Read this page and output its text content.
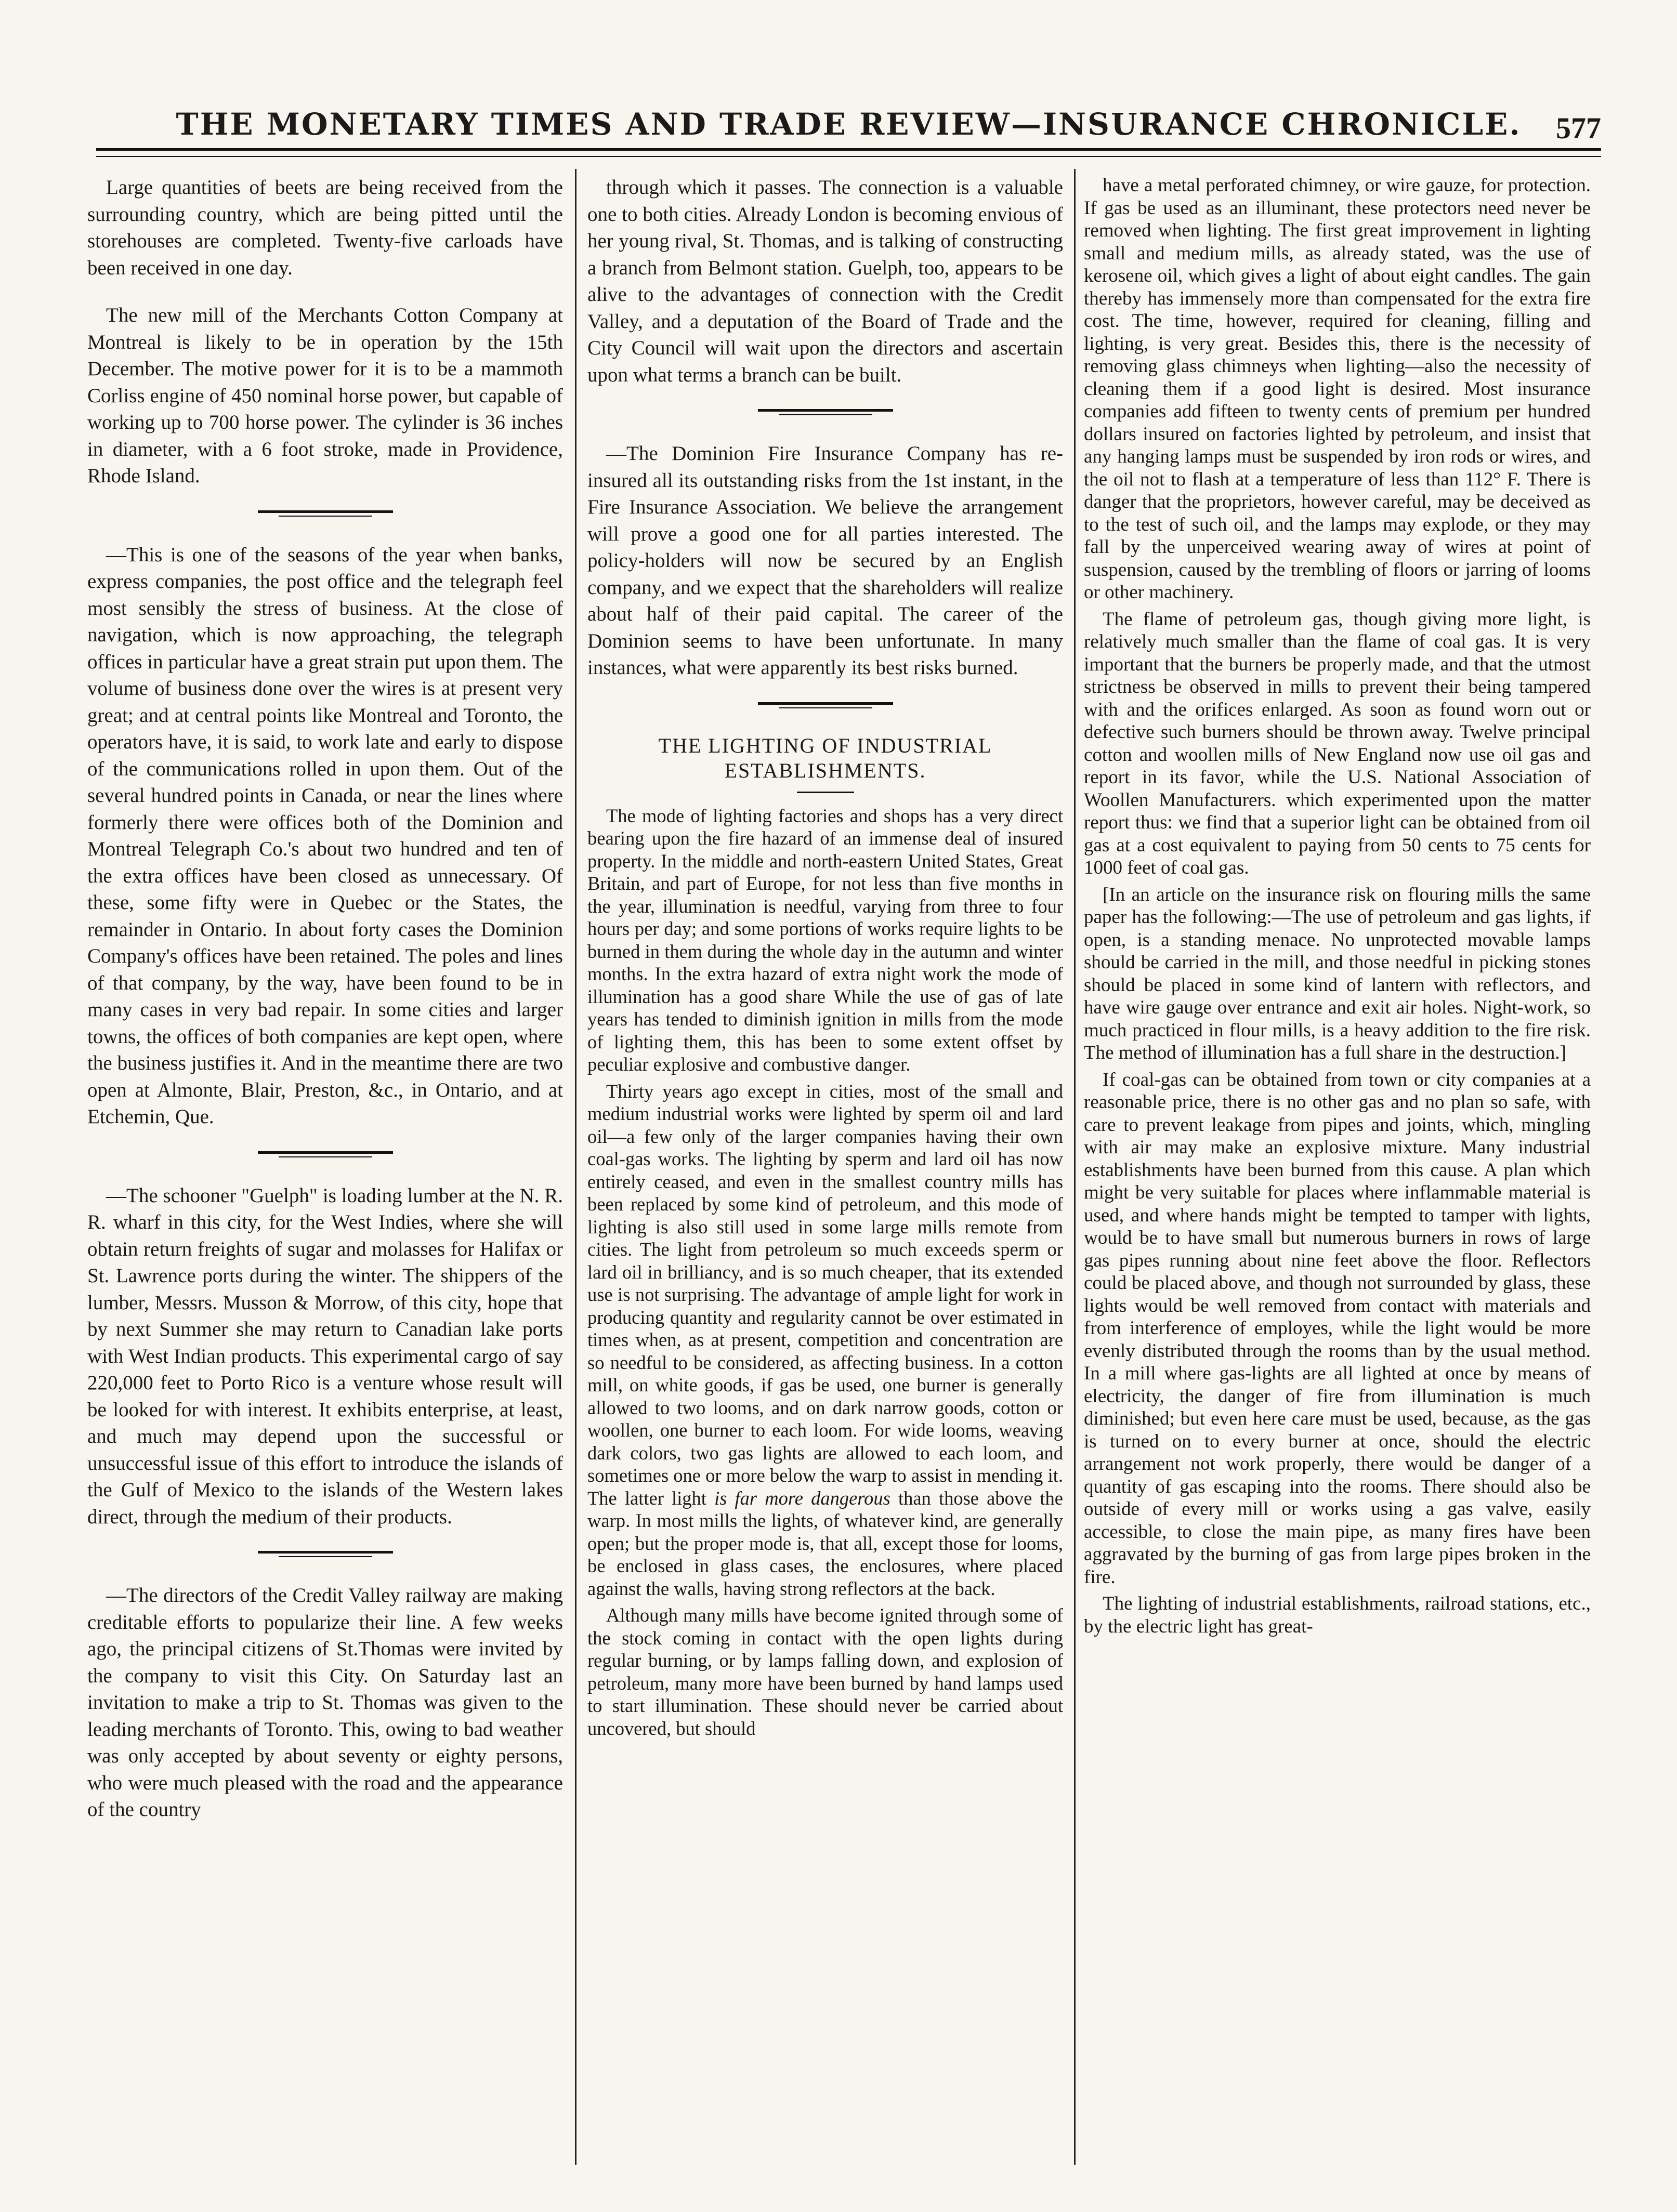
THE MONETARY TIMES AND TRADE REVIEW—INSURANCE CHRONICLE.	577

Large quantities of beets are being received from the surrounding country, which are being pitted until the storehouses are completed. Twenty-five carloads have been received in one day.

The new mill of the Merchants Cotton Company at Montreal is likely to be in operation by the 15th December. The motive power for it is to be a mammoth Corliss engine of 450 nominal horse power, but capable of working up to 700 horse power. The cylinder is 36 inches in diameter, with a 6 foot stroke, made in Providence, Rhode Island.

—This is one of the seasons of the year when banks, express companies, the post office and the telegraph feel most sensibly the stress of business. At the close of navigation, which is now approaching, the telegraph offices in particular have a great strain put upon them. The volume of business done over the wires is at present very great; and at central points like Montreal and Toronto, the operators have, it is said, to work late and early to dispose of the communications rolled in upon them. Out of the several hundred points in Canada, or near the lines where formerly there were offices both of the Dominion and Montreal Telegraph Co.'s about two hundred and ten of the extra offices have been closed as unnecessary. Of these, some fifty were in Quebec or the States, the remainder in Ontario. In about forty cases the Dominion Company's offices have been retained. The poles and lines of that company, by the way, have been found to be in many cases in very bad repair. In some cities and larger towns, the offices of both companies are kept open, where the business justifies it. And in the meantime there are two open at Almonte, Blair, Preston, &c., in Ontario, and at Etchemin, Que.

—The schooner "Guelph" is loading lumber at the N. R. R. wharf in this city, for the West Indies, where she will obtain return freights of sugar and molasses for Halifax or St. Lawrence ports during the winter. The shippers of the lumber, Messrs. Musson & Morrow, of this city, hope that by next Summer she may return to Canadian lake ports with West Indian products. This experimental cargo of say 220,000 feet to Porto Rico is a venture whose result will be looked for with interest. It exhibits enterprise, at least, and much may depend upon the successful or unsuccessful issue of this effort to introduce the islands of the Gulf of Mexico to the islands of the Western lakes direct, through the medium of their products.

—The directors of the Credit Valley railway are making creditable efforts to popularize their line. A few weeks ago, the principal citizens of St.Thomas were invited by the company to visit this City. On Saturday last an invitation to make a trip to St. Thomas was given to the leading merchants of Toronto. This, owing to bad weather was only accepted by about seventy or eighty persons, who were much pleased with the road and the appearance of the country

through which it passes. The connection is a valuable one to both cities. Already London is becoming envious of her young rival, St. Thomas, and is talking of constructing a branch from Belmont station. Guelph, too, appears to be alive to the advantages of connection with the Credit Valley, and a deputation of the Board of Trade and the City Council will wait upon the directors and ascertain upon what terms a branch can be built.

—The Dominion Fire Insurance Company has re-insured all its outstanding risks from the 1st instant, in the Fire Insurance Association. We believe the arrangement will prove a good one for all parties interested. The policy-holders will now be secured by an English company, and we expect that the shareholders will realize about half of their paid capital. The career of the Dominion seems to have been unfortunate. In many instances, what were apparently its best risks burned.

THE LIGHTING OF INDUSTRIAL
ESTABLISHMENTS.

The mode of lighting factories and shops has a very direct bearing upon the fire hazard of an immense deal of insured property. In the middle and north-eastern United States, Great Britain, and part of Europe, for not less than five months in the year, illumination is needful, varying from three to four hours per day; and some portions of works require lights to be burned in them during the whole day in the autumn and winter months. In the extra hazard of extra night work the mode of illumination has a good share While the use of gas of late years has tended to diminish ignition in mills from the mode of lighting them, this has been to some extent offset by peculiar explosive and combustive danger.

Thirty years ago except in cities, most of the small and medium industrial works were lighted by sperm oil and lard oil—a few only of the larger companies having their own coal-gas works. The lighting by sperm and lard oil has now entirely ceased, and even in the smallest country mills has been replaced by some kind of petroleum, and this mode of lighting is also still used in some large mills remote from cities. The light from petroleum so much exceeds sperm or lard oil in brilliancy, and is so much cheaper, that its extended use is not surprising. The advantage of ample light for work in producing quantity and regularity cannot be over estimated in times when, as at present, competition and concentration are so needful to be considered, as affecting business. In a cotton mill, on white goods, if gas be used, one burner is generally allowed to two looms, and on dark narrow goods, cotton or woollen, one burner to each loom. For wide looms, weaving dark colors, two gas lights are allowed to each loom, and sometimes one or more below the warp to assist in mending it. The latter light is far more dangerous than those above the warp. In most mills the lights, of whatever kind, are generally open; but the proper mode is, that all, except those for looms, be enclosed in glass cases, the enclosures, where placed against the walls, having strong reflectors at the back.

Although many mills have become ignited through some of the stock coming in contact with the open lights during regular burning, or by lamps falling down, and explosion of petroleum, many more have been burned by hand lamps used to start illumination. These should never be carried about uncovered, but should

have a metal perforated chimney, or wire gauze, for protection. If gas be used as an illuminant, these protectors need never be removed when lighting. The first great improvement in lighting small and medium mills, as already stated, was the use of kerosene oil, which gives a light of about eight candles. The gain thereby has immensely more than compensated for the extra fire cost. The time, however, required for cleaning, filling and lighting, is very great. Besides this, there is the necessity of removing glass chimneys when lighting—also the necessity of cleaning them if a good light is desired. Most insurance companies add fifteen to twenty cents of premium per hundred dollars insured on factories lighted by petroleum, and insist that any hanging lamps must be suspended by iron rods or wires, and the oil not to flash at a temperature of less than 112° F. There is danger that the proprietors, however careful, may be deceived as to the test of such oil, and the lamps may explode, or they may fall by the unperceived wearing away of wires at point of suspension, caused by the trembling of floors or jarring of looms or other machinery.

The flame of petroleum gas, though giving more light, is relatively much smaller than the flame of coal gas. It is very important that the burners be properly made, and that the utmost strictness be observed in mills to prevent their being tampered with and the orifices enlarged. As soon as found worn out or defective such burners should be thrown away. Twelve principal cotton and woollen mills of New England now use oil gas and report in its favor, while the U.S. National Association of Woollen Manufacturers. which experimented upon the matter report thus: we find that a superior light can be obtained from oil gas at a cost equivalent to paying from 50 cents to 75 cents for 1000 feet of coal gas.

[In an article on the insurance risk on flouring mills the same paper has the following:—The use of petroleum and gas lights, if open, is a standing menace. No unprotected movable lamps should be carried in the mill, and those needful in picking stones should be placed in some kind of lantern with reflectors, and have wire gauge over entrance and exit air holes. Night-work, so much practiced in flour mills, is a heavy addition to the fire risk. The method of illumination has a full share in the destruction.]

If coal-gas can be obtained from town or city companies at a reasonable price, there is no other gas and no plan so safe, with care to prevent leakage from pipes and joints, which, mingling with air may make an explosive mixture. Many industrial establishments have been burned from this cause. A plan which might be very suitable for places where inflammable material is used, and where hands might be tempted to tamper with lights, would be to have small but numerous burners in rows of large gas pipes running about nine feet above the floor. Reflectors could be placed above, and though not surrounded by glass, these lights would be well removed from contact with materials and from interference of employes, while the light would be more evenly distributed through the rooms than by the usual method. In a mill where gas-lights are all lighted at once by means of electricity, the danger of fire from illumination is much diminished; but even here care must be used, because, as the gas is turned on to every burner at once, should the electric arrangement not work properly, there would be danger of a quantity of gas escaping into the rooms. There should also be outside of every mill or works using a gas valve, easily accessible, to close the main pipe, as many fires have been aggravated by the burning of gas from large pipes broken in the fire.

The lighting of industrial establishments, railroad stations, etc., by the electric light has great-
